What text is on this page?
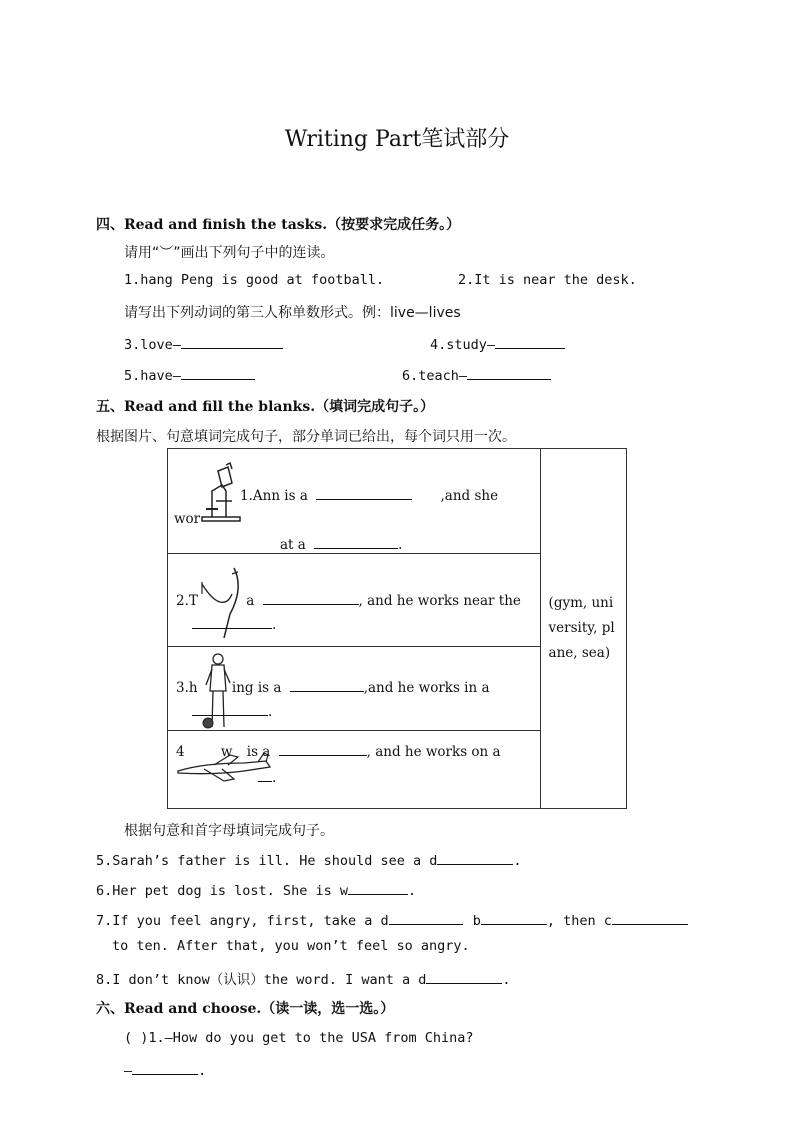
Writing Part笔试部分
四、Read and finish the tasks.（按要求完成任务。）
请用“︶”画出下列句子中的连读。
1.hang Peng is good at football.	2.It is near the desk.
请写出下列动词的第三人称单数形式。例：live—lives
3.love—	4.study—
5.have—	6.teach—
五、Read and fill the blanks.（填词完成句子。）
根据图片、句意填词完成句子，部分单词已给出，每个词只用一次。
1.Ann is a	,and she
wor
at a	.

(gym, university, plane, sea)

2.T	a	, and he works near the
.

3.h	ing is a	,and he works in a
.

4	w is a	, and he works on a
.
根据句意和首字母填词完成句子。
5.Sarah’s father is ill. He should see a d	.
6.Her pet dog is lost. She is w	.
7.If you feel angry, first, take a d	b	, then c
to ten. After that, you won’t feel so angry.
8.I don’t know（认识）the word. I want a d	.
六、Read and choose.（读一读，选一选。）
( )1.—How do you get to the USA from China?
—	.
